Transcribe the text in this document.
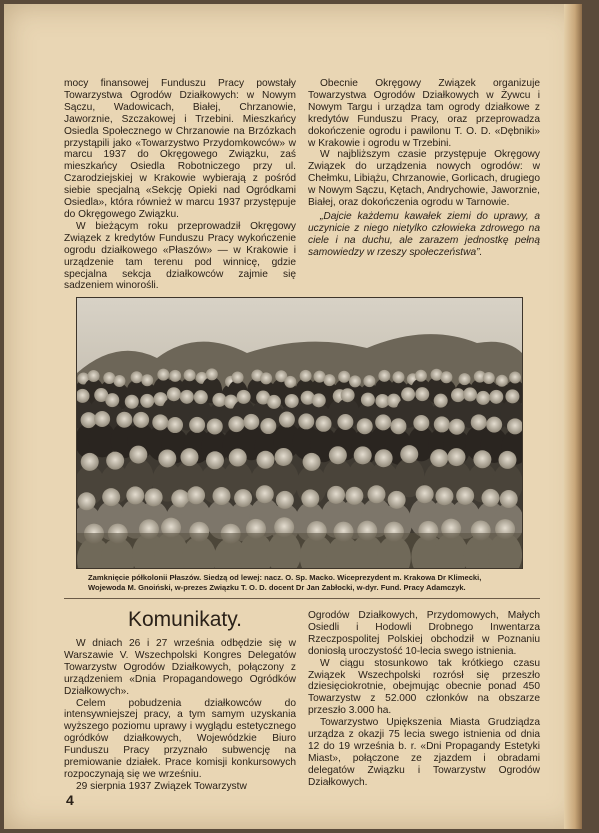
mocy finansowej Funduszu Pracy powstały Towarzystwa Ogrodów Działkowych: w Nowym Sączu, Wadowicach, Białej, Chrzanowie, Jaworznie, Szczakowej i Trzebini. Mieszkańcy Osiedla Społecznego w Chrzanowie na Brzózkach przystąpili jako «Towarzystwo Przydomkowców» w marcu 1937 do Okręgowego Związku, zaś mieszkańcy Osiedla Robotniczego przy ul. Czarodziejskiej w Krakowie wybierają z pośród siebie specjalną «Sekcję Opieki nad Ogródkami Osiedla», która również w marcu 1937 przystępuje do Okręgowego Związku.

W bieżącym roku przeprowadził Okręgowy Związek z kredytów Funduszu Pracy wykończenie ogrodu działkowego «Płaszów» — w Krakowie i urządzenie tam terenu pod winnicę, gdzie specjalna sekcja działkowców zajmie się sadzeniem winorośli.

Obecnie Okręgowy Związek organizuje Towarzystwa Ogrodów Działkowych w Żywcu i Nowym Targu i urządza tam ogrody działkowe z kredytów Funduszu Pracy, oraz przeprowadza dokończenie ogrodu i pawilonu T. O. D. «Dębniki» w Krakowie i ogrodu w Trzebini.

W najbliższym czasie przystępuje Okręgowy Związek do urządzenia nowych ogrodów: w Chełmku, Libiążu, Chrzanowie, Gorlicach, drugiego w Nowym Sączu, Kętach, Andrychowie, Jaworznie, Białej, oraz dokończenia ogrodu w Tarnowie.

„Dajcie każdemu kawałek ziemi do uprawy, a uczynicie z niego nietylko człowieka zdrowego na ciele i na duchu, ale zarazem jednostkę pełną samowiedzy w rzeszy społeczeństwa”.

Zamknięcie półkolonii Płaszów. Siedzą od lewej: nacz. O. Sp. Macko. Wiceprezydent m. Krakowa Dr Klimecki, Wojewoda M. Gnoiński, w-prezes Związku T. O. D. docent Dr Jan Zabłocki, w-dyr. Fund. Pracy Adamczyk.
Komunikaty.

W dniach 26 i 27 września odbędzie się w Warszawie V. Wszechpolski Kongres Delegatów Towarzystw Ogrodów Działkowych, połączony z urządzeniem «Dnia Propagandowego Ogródków Działkowych».

Celem pobudzenia działkowców do intensywniejszej pracy, a tym samym uzyskania wyższego poziomu uprawy i wyglądu estetycznego ogródków działkowych, Wojewódzkie Biuro Funduszu Pracy przyznało subwencję na premiowanie działek. Prace komisji konkursowych rozpoczynają się we wrześniu.

29 sierpnia 1937 Związek Towarzystw

Ogrodów Działkowych, Przydomowych, Małych Osiedli i Hodowli Drobnego Inwentarza Rzeczpospolitej Polskiej obchodził w Poznaniu doniosłą uroczystość 10-lecia swego istnienia.

W ciągu stosunkowo tak krótkiego czasu Związek Wszechpolski rozrósł się przeszło dziesięciokrotnie, obejmując obecnie ponad 450 Towarzystw z 52.000 członków na obszarze przeszło 3.000 ha.

Towarzystwo Upiększenia Miasta Grudziądza urządza z okazji 75 lecia swego istnienia od dnia 12 do 19 września b. r. «Dni Propagandy Estetyki Miast», połączone ze zjazdem i obradami delegatów Związku i Towarzystw Ogrodów Działkowych.

4
